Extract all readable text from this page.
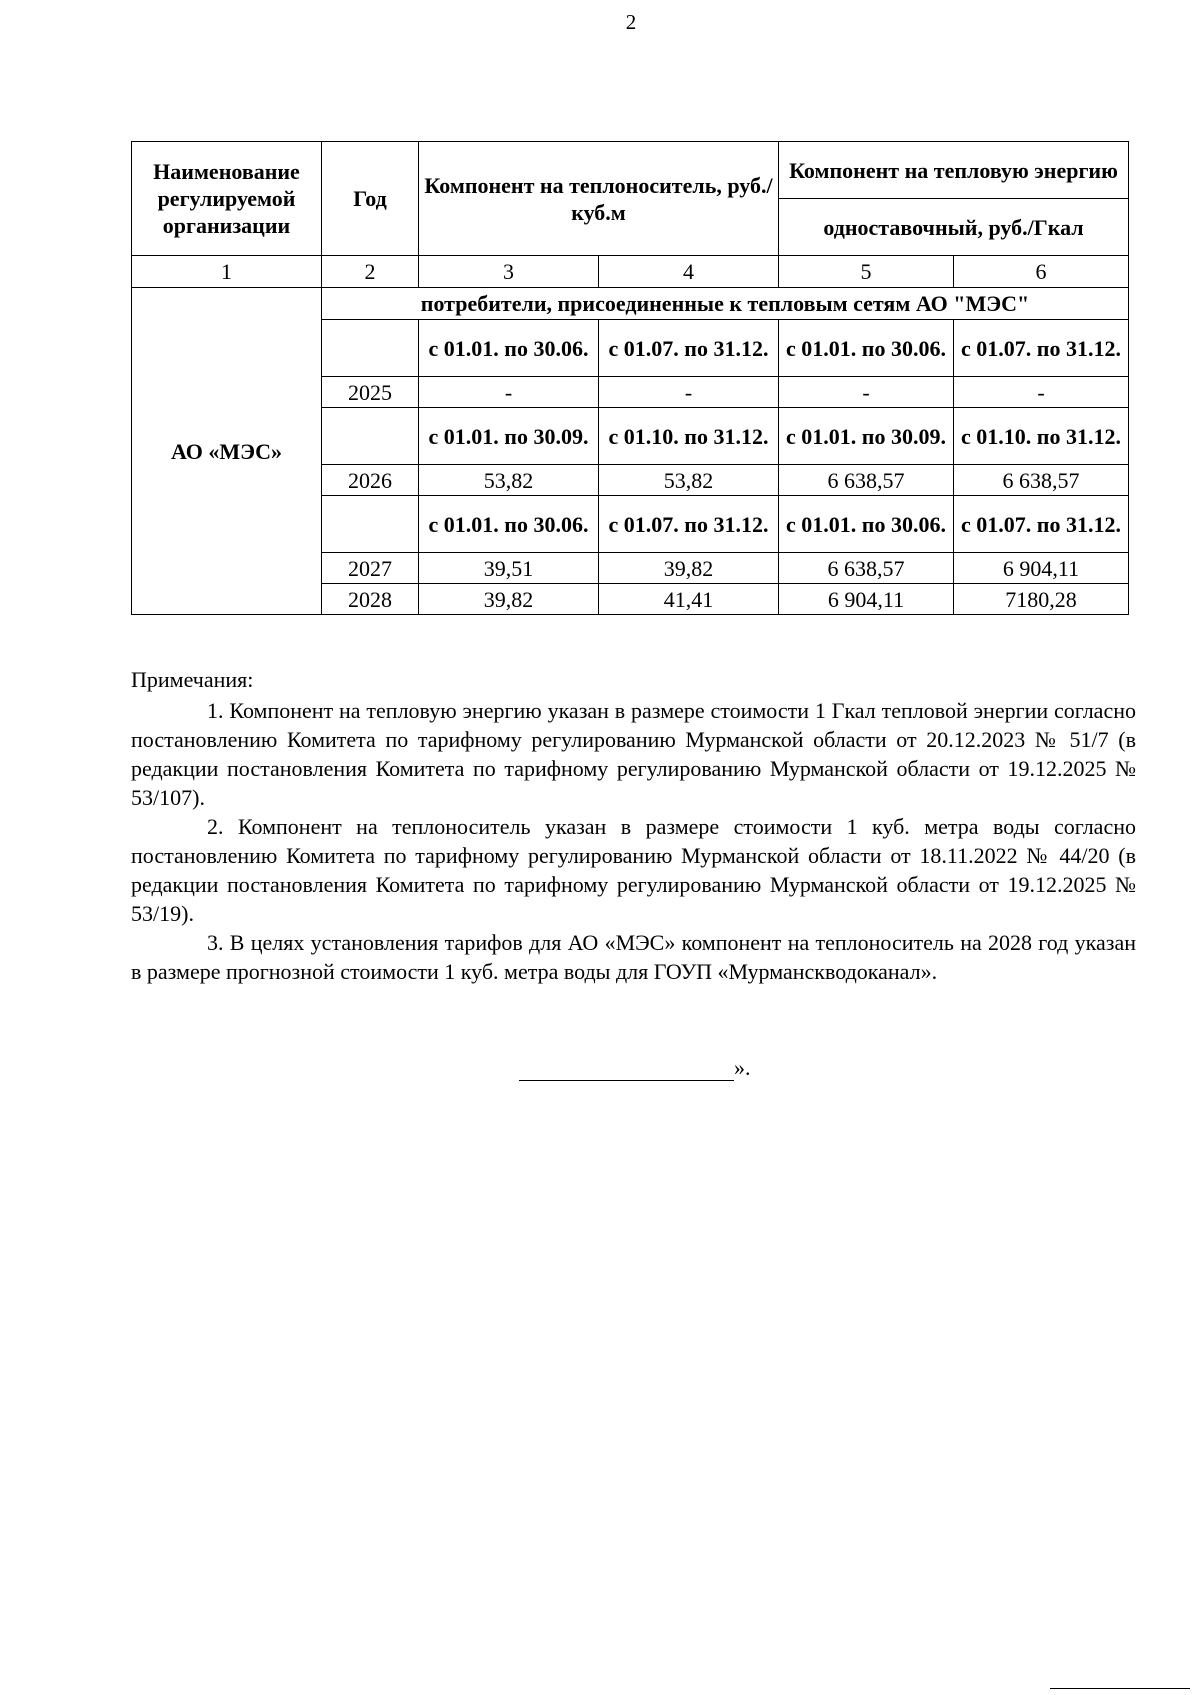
2
Наименование регулируемой организации	Год	Компонент на теплоноситель, руб./куб.м		Компонент на тепловую энергию	
				одноставочный, руб./Гкал	
1	2	3	4	5	6
АО «МЭС»	потребители, присоединенные к тепловым сетям АО "МЭС"				
		с 01.01. по 30.06.	с 01.07. по 31.12.	с 01.01. по 30.06.	с 01.07. по 31.12.
	2025	-	-	-	-
		с 01.01. по 30.09.	с 01.10. по 31.12.	с 01.01. по 30.09.	с 01.10. по 31.12.
	2026	53,82	53,82	6 638,57	6 638,57
		с 01.01. по 30.06.	с 01.07. по 31.12.	с 01.01. по 30.06.	с 01.07. по 31.12.
	2027	39,51	39,82	6 638,57	6 904,11
	2028	39,82	41,41	6 904,11	7180,28

Примечания:

1. Компонент на тепловую энергию указан в размере стоимости 1 Гкал тепловой энергии согласно постановлению Комитета по тарифному регулированию Мурманской области от 20.12.2023 № 51/7 (в редакции постановления Комитета по тарифному регулированию Мурманской области от 19.12.2025 № 53/107).

2. Компонент на теплоноситель указан в размере стоимости 1 куб. метра воды согласно постановлению Комитета по тарифному регулированию Мурманской области от 18.11.2022 № 44/20 (в редакции постановления Комитета по тарифному регулированию Мурманской области от 19.12.2025 № 53/19).

3. В целях установления тарифов для АО «МЭС» компонент на теплоноситель на 2028 год указан в размере прогнозной стоимости 1 куб. метра воды для ГОУП «Мурманскводоканал».

».
